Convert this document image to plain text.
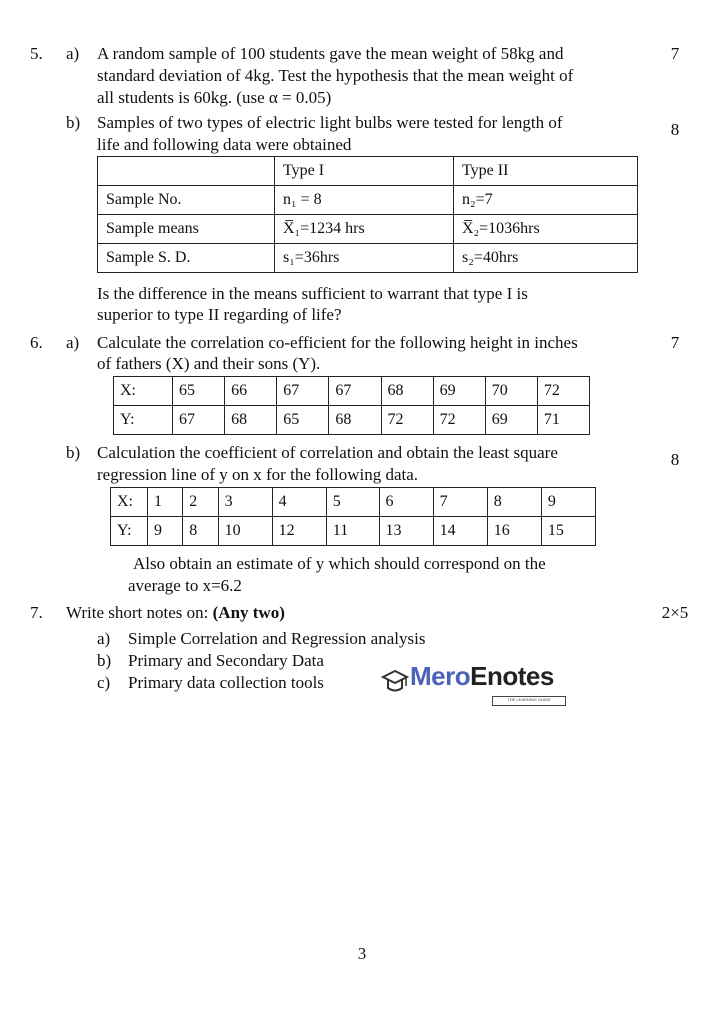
5. a) A random sample of 100 students gave the mean weight of 58kg and
standard deviation of 4kg. Test the hypothesis that the mean weight of
all students is 60kg. (use α = 0.05)
7
b) Samples of two types of electric light bulbs were tested for length of
life and following data were obtained
8
	Type I	Type II
Sample No.	n₁ = 8	n₂=7
Sample means	X̅₁=1234 hrs	X̅₂=1036hrs
Sample S. D.	s₁=36hrs	s₂=40hrs
Is the difference in the means sufficient to warrant that type I is
superior to type II regarding of life?
6. a) Calculate the correlation co-efficient for the following height in inches
of fathers (X) and their sons (Y).
7
X:	65	66	67	67	68	69	70	72
Y:	67	68	65	68	72	72	69	71
b) Calculation the coefficient of correlation and obtain the least square
regression line of y on x for the following data.
8
X:	1	2	3	4	5	6	7	8	9
Y:	9	8	10	12	11	13	14	16	15
Also obtain an estimate of y which should correspond on the
average to x=6.2
7. Write short notes on: (Any two)	2×5
a) Simple Correlation and Regression analysis
b) Primary and Secondary Data
c) Primary data collection tools	MeroEnotes
THE LEARNING GUIDE
3
